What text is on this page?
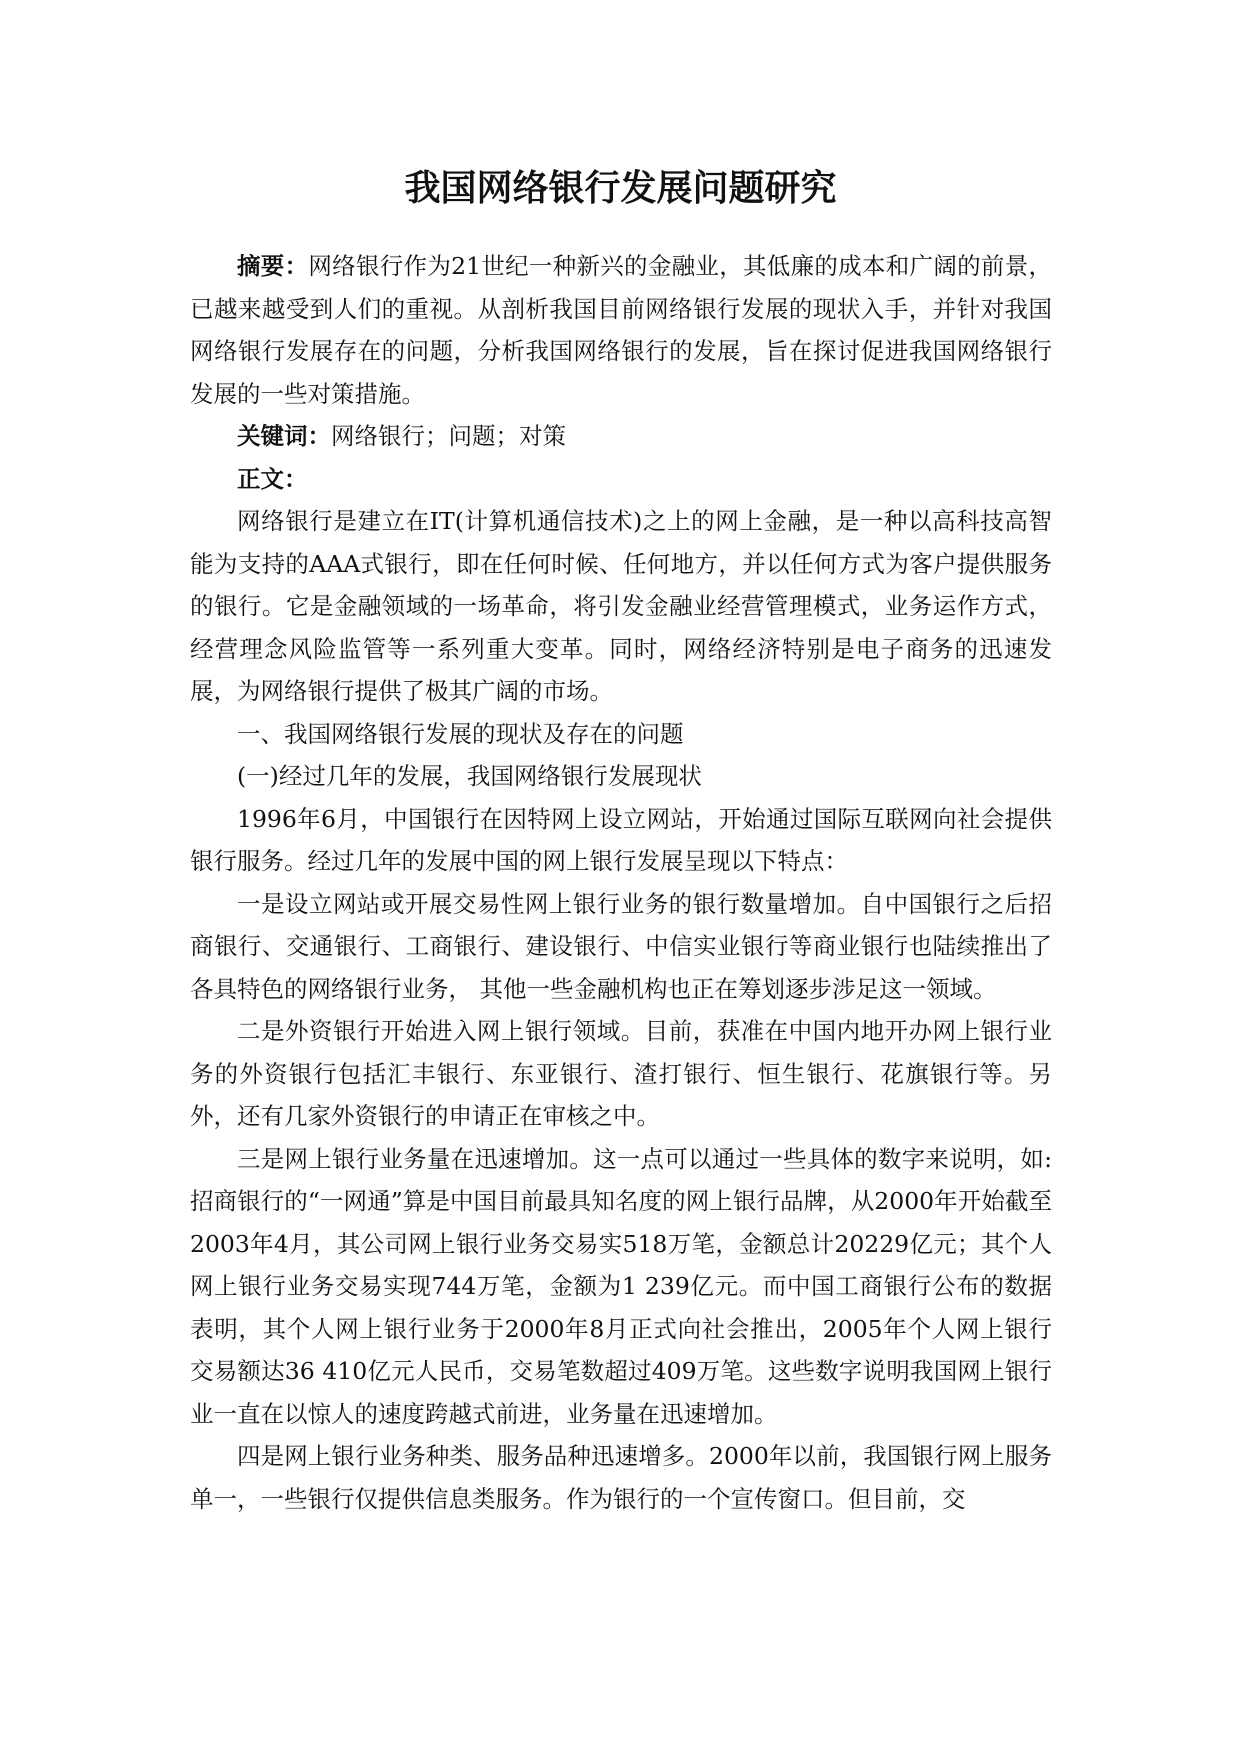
我国网络银行发展问题研究

摘要：网络银行作为21世纪一种新兴的金融业，其低廉的成本和广阔的前景，已越来越受到人们的重视。从剖析我国目前网络银行发展的现状入手，并针对我国网络银行发展存在的问题，分析我国网络银行的发展，旨在探讨促进我国网络银行发展的一些对策措施。

关键词：网络银行；问题；对策

正文：

网络银行是建立在IT(计算机通信技术)之上的网上金融，是一种以高科技高智能为支持的AAA式银行，即在任何时候、任何地方，并以任何方式为客户提供服务的银行。它是金融领域的一场革命，将引发金融业经营管理模式，业务运作方式，经营理念风险监管等一系列重大变革。同时，网络经济特别是电子商务的迅速发展，为网络银行提供了极其广阔的市场。

一、我国网络银行发展的现状及存在的问题

(一)经过几年的发展，我国网络银行发展现状

1996年6月，中国银行在因特网上设立网站，开始通过国际互联网向社会提供银行服务。经过几年的发展中国的网上银行发展呈现以下特点：

一是设立网站或开展交易性网上银行业务的银行数量增加。自中国银行之后招商银行、交通银行、工商银行、建设银行、中信实业银行等商业银行也陆续推出了各具特色的网络银行业务， 其他一些金融机构也正在筹划逐步涉足这一领域。

二是外资银行开始进入网上银行领域。目前，获准在中国内地开办网上银行业务的外资银行包括汇丰银行、东亚银行、渣打银行、恒生银行、花旗银行等。另外，还有几家外资银行的申请正在审核之中。

三是网上银行业务量在迅速增加。这一点可以通过一些具体的数字来说明，如:招商银行的“一网通”算是中国目前最具知名度的网上银行品牌，从2000年开始截至2003年4月，其公司网上银行业务交易实518万笔，金额总计20229亿元；其个人网上银行业务交易实现744万笔，金额为1 239亿元。而中国工商银行公布的数据表明，其个人网上银行业务于2000年8月正式向社会推出，2005年个人网上银行交易额达36 410亿元人民币，交易笔数超过409万笔。这些数字说明我国网上银行业一直在以惊人的速度跨越式前进，业务量在迅速增加。

四是网上银行业务种类、服务品种迅速增多。2000年以前，我国银行网上服务单一，一些银行仅提供信息类服务。作为银行的一个宣传窗口。但目前，交
